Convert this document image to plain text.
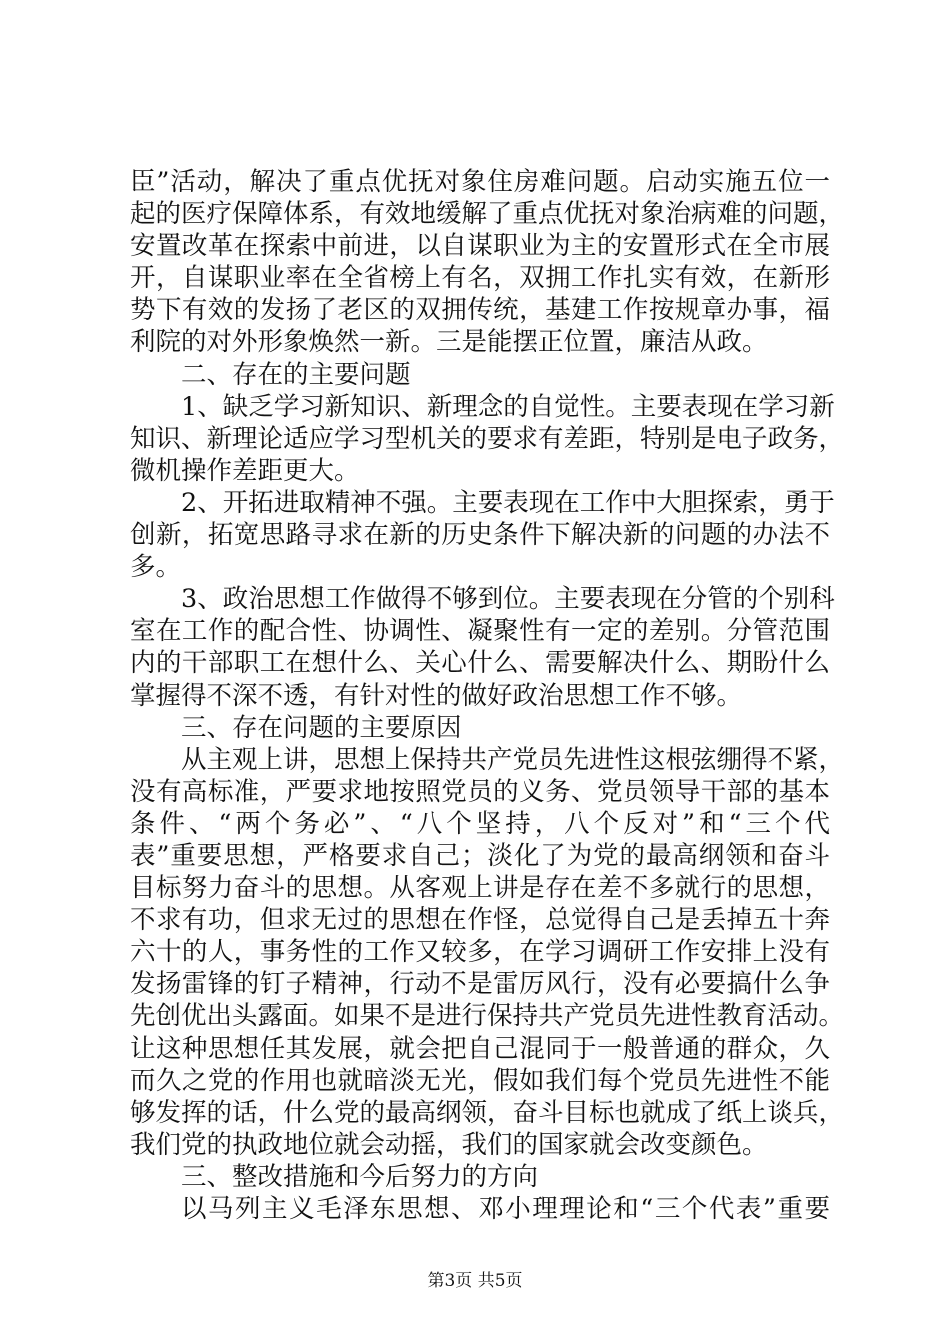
臣”活动，解决了重点优抚对象住房难问题。启动实施五位一
起的医疗保障体系，有效地缓解了重点优抚对象治病难的问题，
安置改革在探索中前进，以自谋职业为主的安置形式在全市展
开，自谋职业率在全省榜上有名，双拥工作扎实有效，在新形
势下有效的发扬了老区的双拥传统，基建工作按规章办事，福
利院的对外形象焕然一新。三是能摆正位置，廉洁从政。
二、存在的主要问题
1、缺乏学习新知识、新理念的自觉性。主要表现在学习新
知识、新理论适应学习型机关的要求有差距，特别是电子政务，
微机操作差距更大。
2、开拓进取精神不强。主要表现在工作中大胆探索，勇于
创新，拓宽思路寻求在新的历史条件下解决新的问题的办法不
多。
3、政治思想工作做得不够到位。主要表现在分管的个别科
室在工作的配合性、协调性、凝聚性有一定的差别。分管范围
内的干部职工在想什么、关心什么、需要解决什么、期盼什么
掌握得不深不透，有针对性的做好政治思想工作不够。
三、存在问题的主要原因
从主观上讲，思想上保持共产党员先进性这根弦绷得不紧，
没有高标准，严要求地按照党员的义务、党员领导干部的基本
条件、“两个务必”、“八个坚持，八个反对”和“三个代
表”重要思想，严格要求自己；淡化了为党的最高纲领和奋斗
目标努力奋斗的思想。从客观上讲是存在差不多就行的思想，
不求有功，但求无过的思想在作怪，总觉得自己是丢掉五十奔
六十的人，事务性的工作又较多，在学习调研工作安排上没有
发扬雷锋的钉子精神，行动不是雷厉风行，没有必要搞什么争
先创优出头露面。如果不是进行保持共产党员先进性教育活动。
让这种思想任其发展，就会把自己混同于一般普通的群众，久
而久之党的作用也就暗淡无光，假如我们每个党员先进性不能
够发挥的话，什么党的最高纲领，奋斗目标也就成了纸上谈兵，
我们党的执政地位就会动摇，我们的国家就会改变颜色。
三、整改措施和今后努力的方向
以马列主义毛泽东思想、邓小理理论和“三个代表”重要
第3页 共5页
